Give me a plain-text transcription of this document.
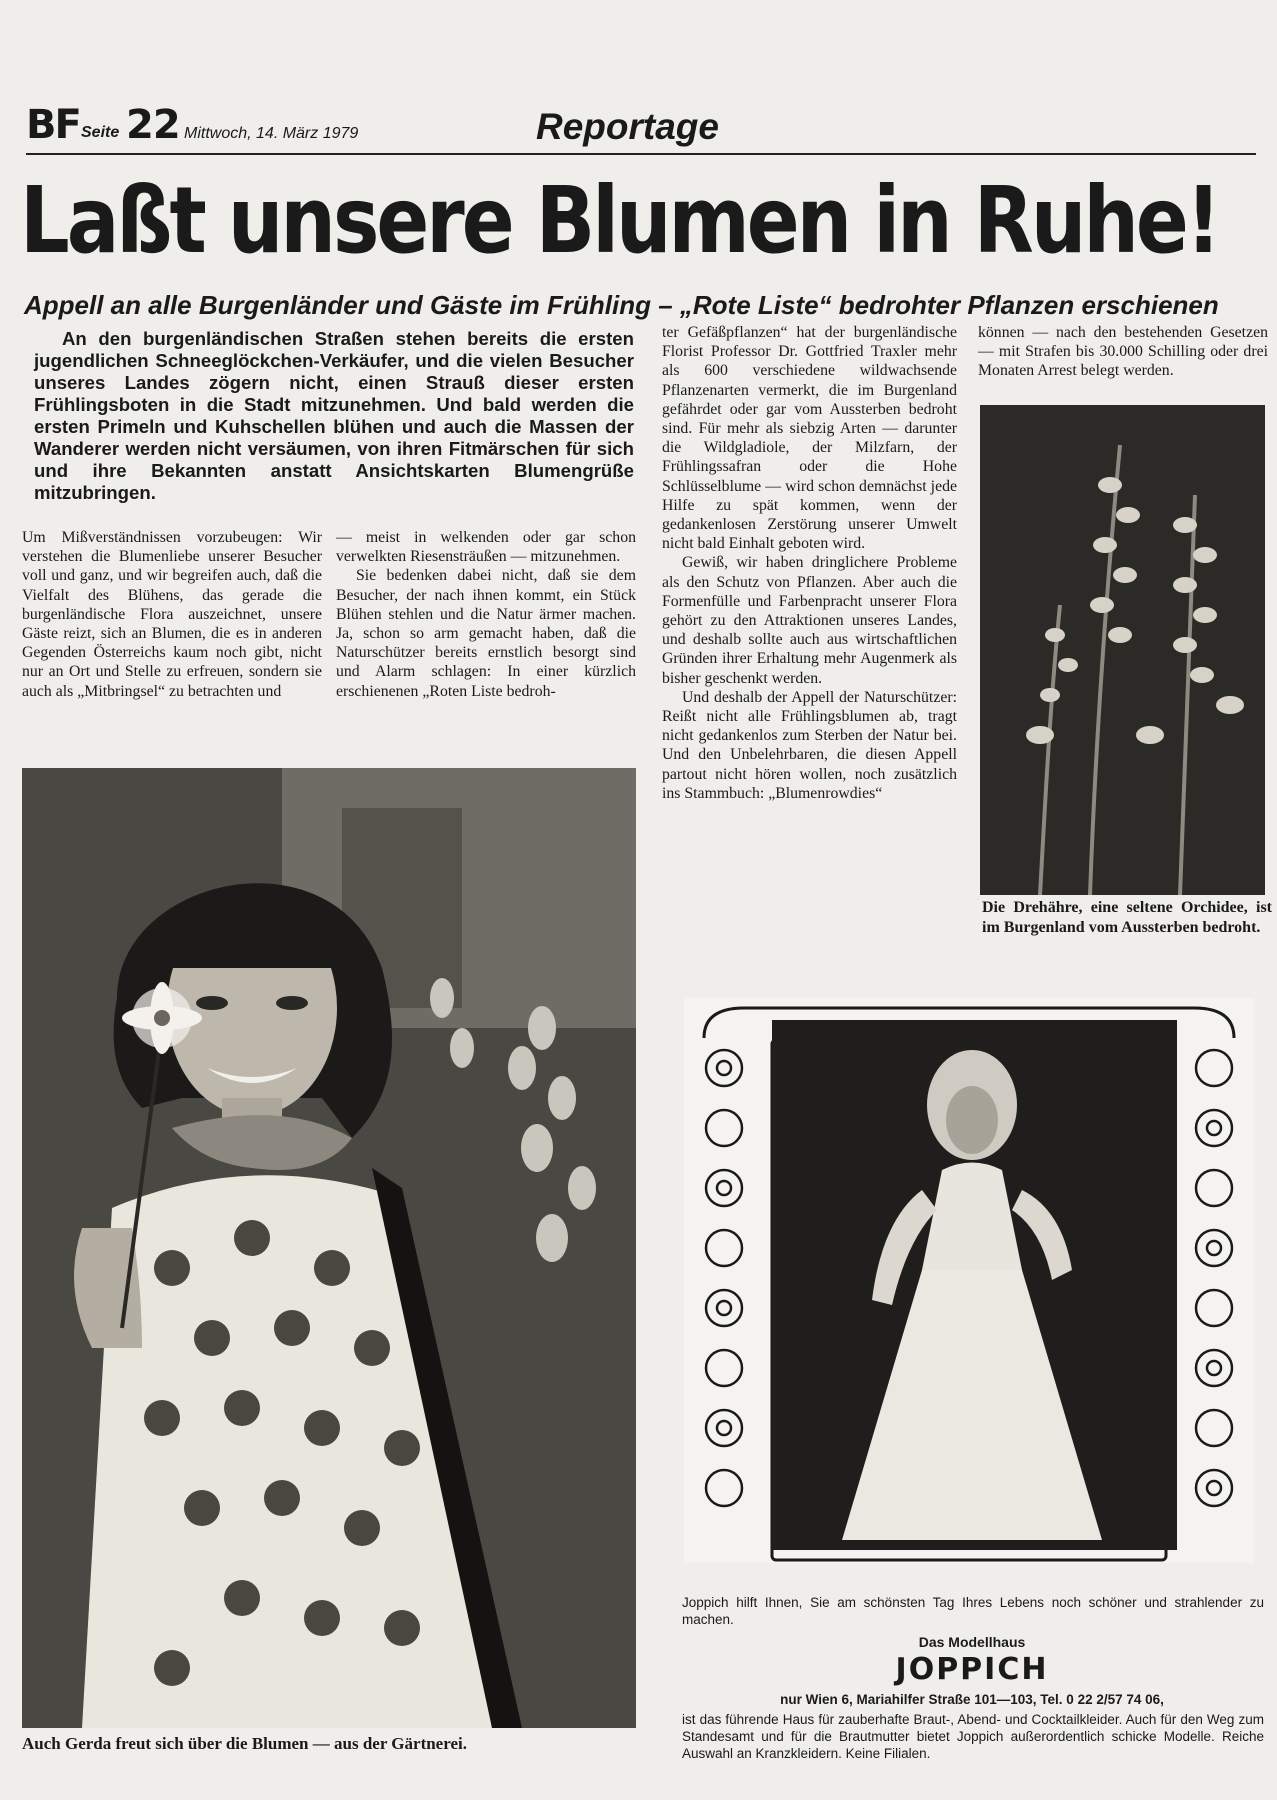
BF Seite 22 Mittwoch, 14. März 1979	Reportage
Laßt unsere Blumen in Ruhe!
Appell an alle Burgenländer und Gäste im Frühling – „Rote Liste“ bedrohter Pflanzen erschienen

An den burgenländischen Straßen stehen bereits die ersten jugendlichen Schneeglöckchen-Verkäufer, und die vielen Besucher unseres Landes zögern nicht, einen Strauß dieser ersten Frühlingsboten in die Stadt mitzunehmen. Und bald werden die ersten Primeln und Kuhschellen blühen und auch die Massen der Wanderer werden nicht versäumen, von ihren Fitmärschen für sich und ihre Bekannten anstatt Ansichtskarten Blumengrüße mitzubringen.

Um Mißverständnissen vorzubeugen: Wir verstehen die Blumenliebe unserer Besucher voll und ganz, und wir begreifen auch, daß die Vielfalt des Blühens, das gerade die burgenländische Flora auszeichnet, unsere Gäste reizt, sich an Blumen, die es in anderen Gegenden Österreichs kaum noch gibt, nicht nur an Ort und Stelle zu erfreuen, sondern sie auch als „Mitbringsel“ zu betrachten und

— meist in welkenden oder gar schon verwelkten Riesensträußen — mitzunehmen.

Sie bedenken dabei nicht, daß sie dem Besucher, der nach ihnen kommt, ein Stück Blühen stehlen und die Natur ärmer machen. Ja, schon so arm gemacht haben, daß die Naturschützer bereits ernstlich besorgt sind und Alarm schlagen: In einer kürzlich erschienenen „Roten Liste bedroh-

ter Gefäßpflanzen“ hat der burgenländische Florist Professor Dr. Gottfried Traxler mehr als 600 verschiedene wildwachsende Pflanzenarten vermerkt, die im Burgenland gefährdet oder gar vom Aussterben bedroht sind. Für mehr als siebzig Arten — darunter die Wildgladiole, der Milzfarn, der Frühlingssafran oder die Hohe Schlüsselblume — wird schon demnächst jede Hilfe zu spät kommen, wenn der gedankenlosen Zerstörung unserer Umwelt nicht bald Einhalt geboten wird.

Gewiß, wir haben dringlichere Probleme als den Schutz von Pflanzen. Aber auch die Formenfülle und Farbenpracht unserer Flora gehört zu den Attraktionen unseres Landes, und deshalb sollte auch aus wirtschaftlichen Gründen ihrer Erhaltung mehr Augenmerk als bisher geschenkt werden.

Und deshalb der Appell der Naturschützer: Reißt nicht alle Frühlingsblumen ab, tragt nicht gedankenlos zum Sterben der Natur bei. Und den Unbelehrbaren, die diesen Appell partout nicht hören wollen, noch zusätzlich ins Stammbuch: „Blumenrowdies“

können — nach den bestehenden Gesetzen — mit Strafen bis 30.000 Schilling oder drei Monaten Arrest belegt werden.

Auch Gerda freut sich über die Blumen — aus der Gärtnerei.
Die Drehähre, eine seltene Orchidee, ist im Burgenland vom Aussterben bedroht.
Joppich hilft Ihnen, Sie am schönsten Tag Ihres Lebens noch schöner und strahlender zu machen.
Das Modellhaus
JOPPICH
nur Wien 6, Mariahilfer Straße 101—103, Tel. 0 22 2/57 74 06,
ist das führende Haus für zauberhafte Braut-, Abend- und Cocktailkleider. Auch für den Weg zum Standesamt und für die Brautmutter bietet Joppich außerordentlich schicke Modelle. Reiche Auswahl an Kranzkleidern. Keine Filialen.
